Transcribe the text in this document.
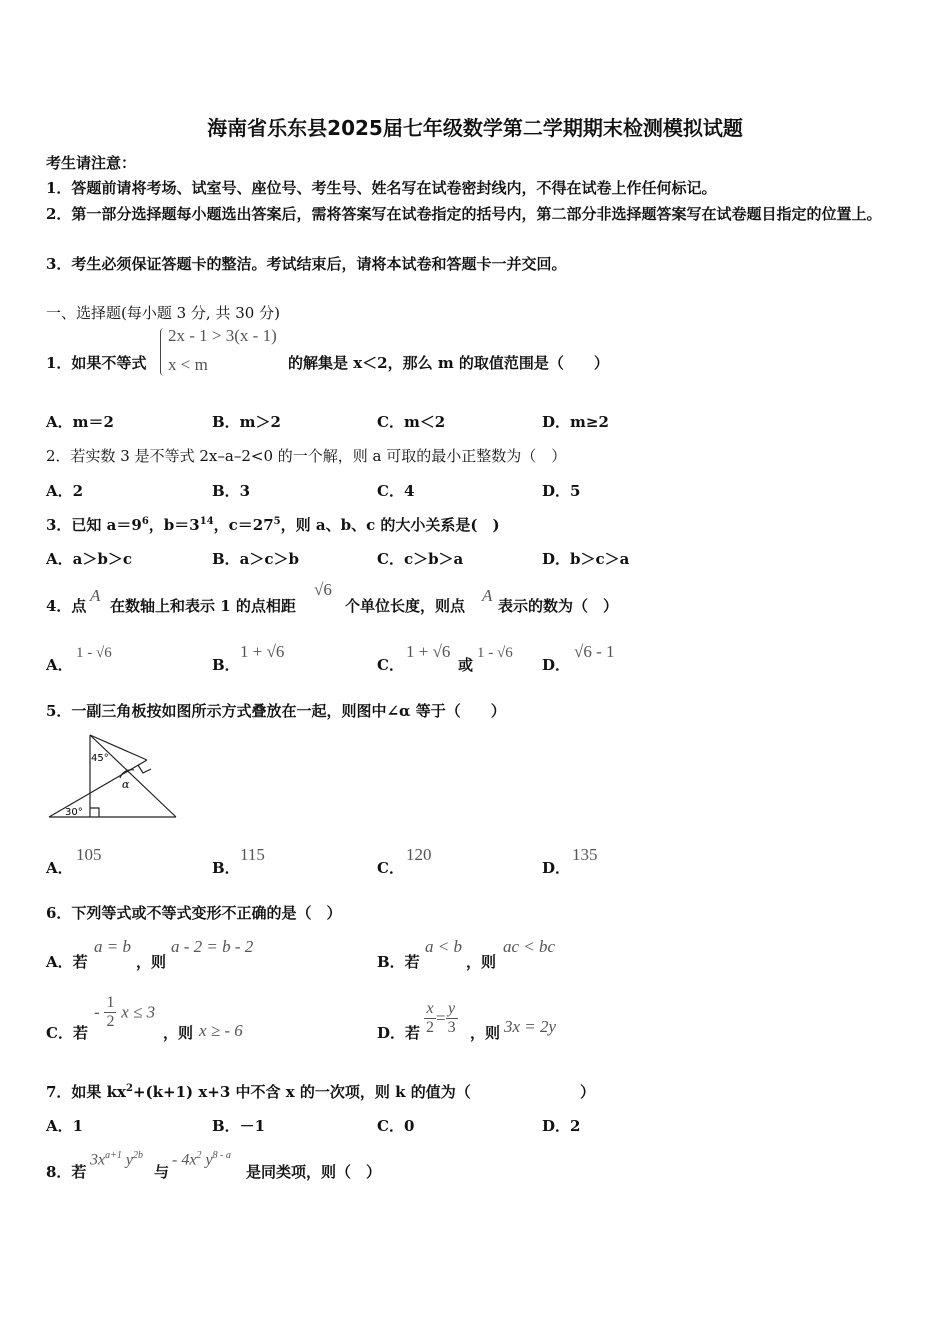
海南省乐东县2025届七年级数学第二学期期末检测模拟试题
考生请注意：
1．答题前请将考场、试室号、座位号、考生号、姓名写在试卷密封线内，不得在试卷上作任何标记。
2．第一部分选择题每小题选出答案后，需将答案写在试卷指定的括号内，第二部分非选择题答案写在试卷题目指定的位置上。
3．考生必须保证答题卡的整洁。考试结束后，请将本试卷和答题卡一并交回。
一、选择题(每小题 3 分, 共 30 分)
1．如果不等式
2x - 1 > 3(x - 1)
x < m	的解集是 x＜2，那么 m 的取值范围是（　　）
A．m＝2	B．m＞2	C．m＜2	D．m≥2
2．若实数 3 是不等式 2x–a–2<0 的一个解，则 a 可取的最小正整数为（　）
A．2	B．3	C．4	D．5
3．已知 $a=9^6$，$b=3^{14}$，$c=27^5$，则 a、b、c 的大小关系是(　)
A．a＞b＞c	B．a＞c＞b	C．c＞b＞a	D．b＞c＞a
4．点
A
在数轴上和表示 1 的点相距
√6
个单位长度，则点
A
表示的数为（　）
A．
1 - √6
B．
1 + √6
C．
1 + √6
或
1 - √6
D．
√6 - 1
5．一副三角板按如图所示方式叠放在一起，则图中∠α 等于（　　）
45°
α
30°
A．
105
B．
115
C．
120
D．
135
6．下列等式或不等式变形不正确的是（　）
A．若
a = b
，则
a - 2 = b - 2
B．若
a < b
，则
ac < bc
C．若
- $\frac{1}{2}$ x ≤ 3
，则 x ≥ - 6	D．若 $\frac{x}{2} = \frac{y}{3}$ ，则 3x = 2y
7．如果 $kx^2+(k+1)$ x+3 中不含 x 的一次项，则 k 的值为（	）
A．1	B．－1	C．0	D．2
8．若
$3x^{a+1}$ $y^{2b}$
与
- $4x^2$ $y^{8 - a}$
是同类项，则（　）
